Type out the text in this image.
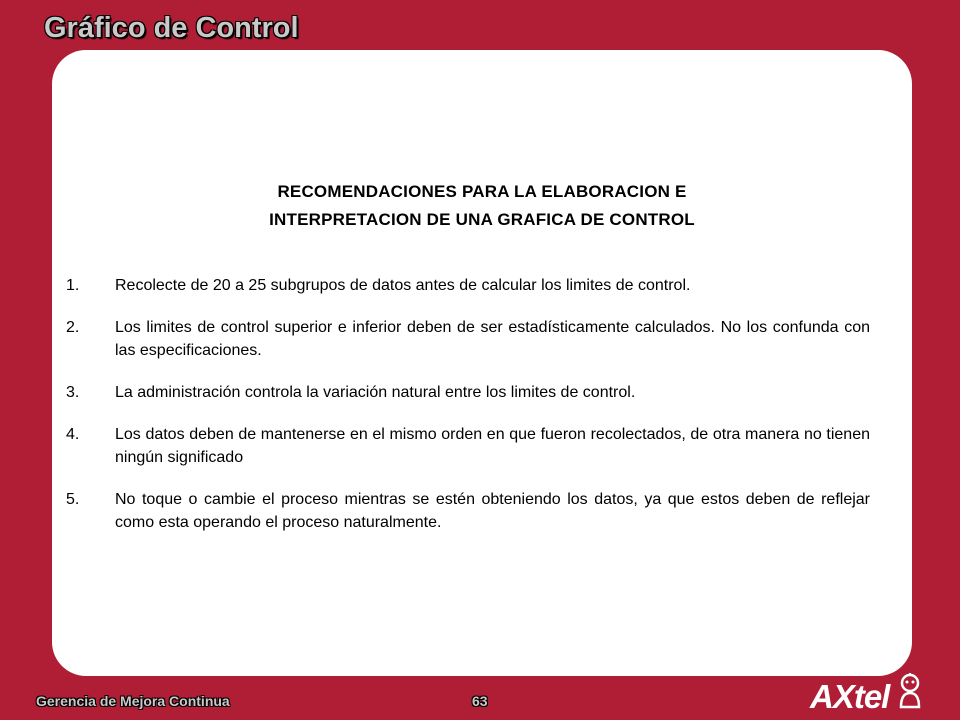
Gráfico de Control
RECOMENDACIONES PARA LA ELABORACION E
INTERPRETACION DE UNA GRAFICA DE CONTROL
1.	Recolecte de 20 a 25 subgrupos de datos antes de calcular los limites de control.
2.	Los limites de control superior e inferior deben de ser estadísticamente calculados. No los confunda con las especificaciones.
3.	La administración controla la variación natural entre los limites de control.
4.	Los datos deben de mantenerse en el mismo orden en que fueron recolectados, de otra manera no tienen ningún significado
5.	No toque o cambie el proceso mientras se estén obteniendo los datos, ya que estos deben de reflejar como esta operando el proceso naturalmente.
Gerencia de Mejora Continua	63	AXtel
